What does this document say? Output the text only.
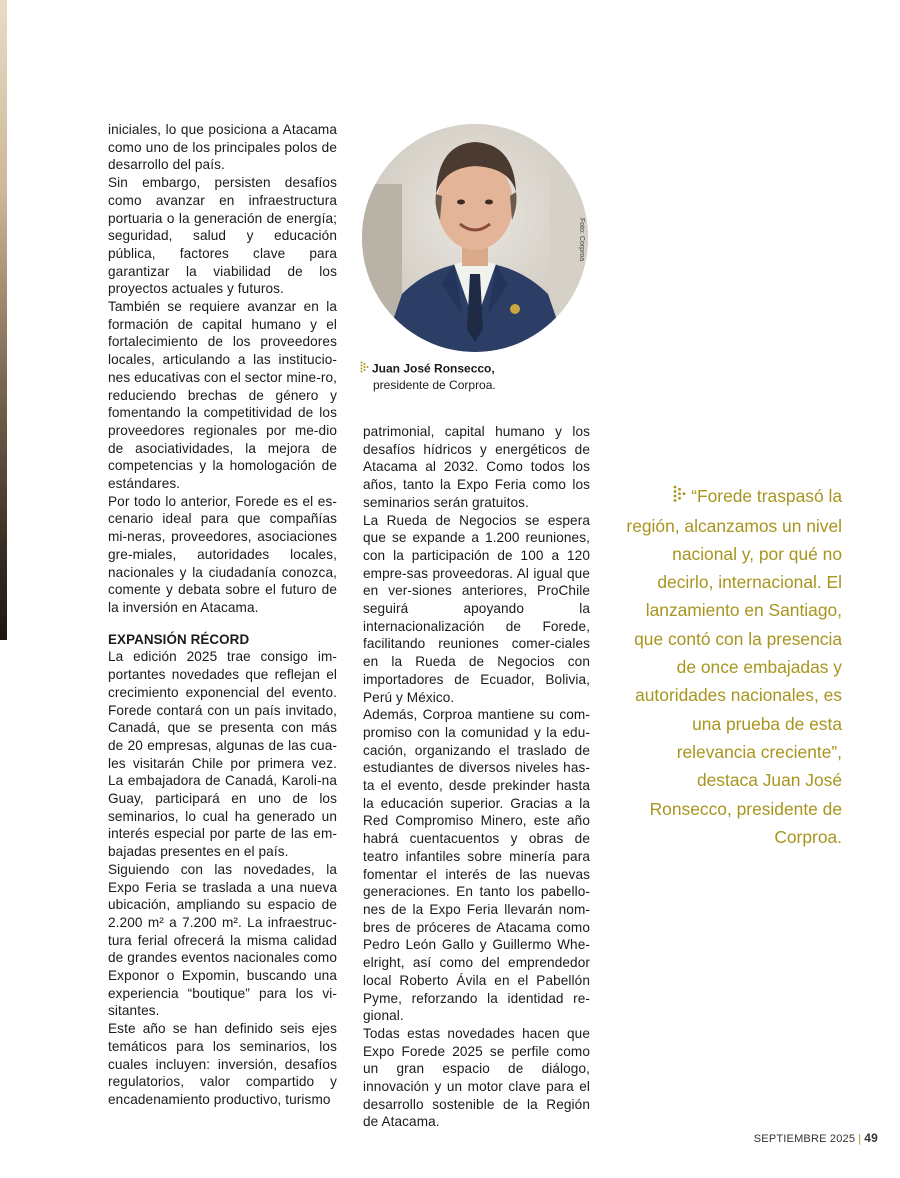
iniciales, lo que posiciona a Atacama como uno de los principales polos de desarrollo del país.

Sin embargo, persisten desafíos como avanzar en infraestructura portuaria o la generación de energía; seguridad, salud y educación pública, factores clave para garantizar la viabilidad de los proyectos actuales y futuros.

También se requiere avanzar en la formación de capital humano y el fortalecimiento de los proveedores locales, articulando a las institucio-nes educativas con el sector mine-ro, reduciendo brechas de género y fomentando la competitividad de los proveedores regionales por me-dio de asociatividades, la mejora de competencias y la homologación de estándares.

Por todo lo anterior, Forede es el es-cenario ideal para que compañías mi-neras, proveedores, asociaciones gre-miales, autoridades locales, nacionales y la ciudadanía conozca, comente y debata sobre el futuro de la inversión en Atacama.

EXPANSIÓN RÉCORD

La edición 2025 trae consigo im-portantes novedades que reflejan el crecimiento exponencial del evento. Forede contará con un país invitado, Canadá, que se presenta con más de 20 empresas, algunas de las cua-les visitarán Chile por primera vez. La embajadora de Canadá, Karoli-na Guay, participará en uno de los seminarios, lo cual ha generado un interés especial por parte de las em-bajadas presentes en el país.

Siguiendo con las novedades, la Expo Feria se traslada a una nueva ubicación, ampliando su espacio de 2.200 m² a 7.200 m². La infraestruc-tura ferial ofrecerá la misma calidad de grandes eventos nacionales como Exponor o Expomin, buscando una experiencia “boutique” para los vi-sitantes.

Este año se han definido seis ejes temáticos para los seminarios, los cuales incluyen: inversión, desafíos regulatorios, valor compartido y encadenamiento productivo, turismo

Foto: Corproa
Juan José Ronsecco,
presidente de Corproa.

patrimonial, capital humano y los desafíos hídricos y energéticos de Atacama al 2032. Como todos los años, tanto la Expo Feria como los seminarios serán gratuitos.

La Rueda de Negocios se espera que se expande a 1.200 reuniones, con la participación de 100 a 120 empre-sas proveedoras. Al igual que en ver-siones anteriores, ProChile seguirá apoyando la internacionalización de Forede, facilitando reuniones comer-ciales en la Rueda de Negocios con importadores de Ecuador, Bolivia, Perú y México.

Además, Corproa mantiene su com-promiso con la comunidad y la edu-cación, organizando el traslado de estudiantes de diversos niveles has-ta el evento, desde prekinder hasta la educación superior. Gracias a la Red Compromiso Minero, este año habrá cuentacuentos y obras de teatro infantiles sobre minería para fomentar el interés de las nuevas generaciones. En tanto los pabello-nes de la Expo Feria llevarán nom-bres de próceres de Atacama como Pedro León Gallo y Guillermo Whe-elright, así como del emprendedor local Roberto Ávila en el Pabellón Pyme, reforzando la identidad re-gional.

Todas estas novedades hacen que Expo Forede 2025 se perfile como un gran espacio de diálogo, innovación y un motor clave para el desarrollo sostenible de la Región de Atacama.

“Forede traspasó la región, alcanzamos un nivel nacional y, por qué no decirlo, internacional. El lanzamiento en Santiago, que contó con la presencia de once embajadas y autoridades nacionales, es una prueba de esta relevancia creciente”, destaca Juan José Ronsecco, presidente de Corproa.
SEPTIEMBRE 2025 | 49
